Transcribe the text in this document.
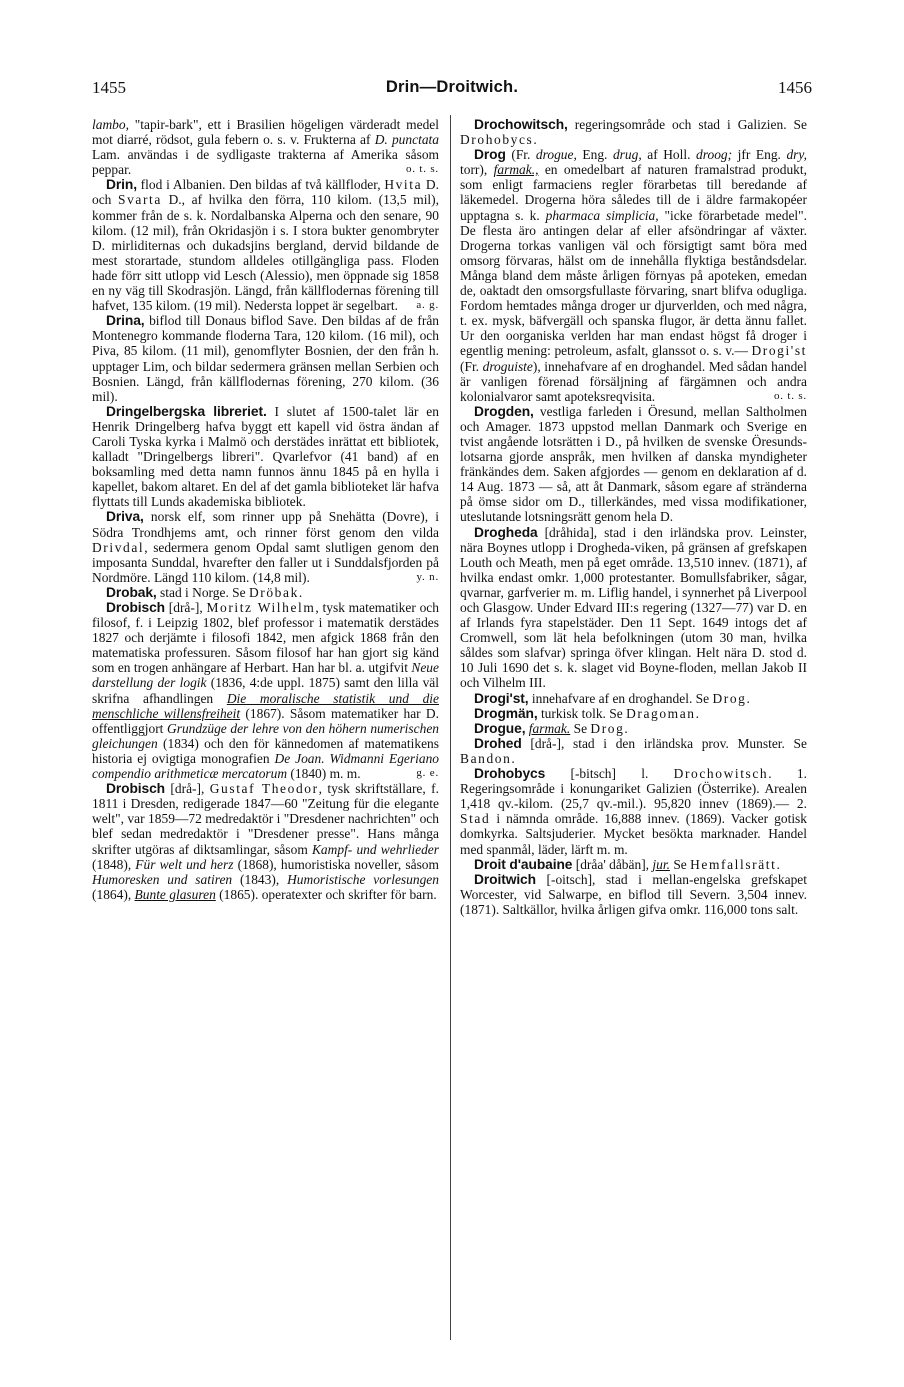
1455	Drin—Droitwich.	1456

lambo, "tapir-bark", ett i Brasilien högeligen värderadt medel mot diarré, rödsot, gula febern o. s. v. Frukterna af D. punctata Lam. användas i de sydligaste trakterna af Amerika såsom peppar.	o. t. s.

Drin, flod i Albanien. Den bildas af två källfloder, Hvita D. och Svarta D., af hvilka den förra, 110 kilom. (13,5 mil), kommer från de s. k. Nordalbanska Alperna och den senare, 90 kilom. (12 mil), från Okridasjön i s. I stora bukter genombryter D. mirliditernas och dukadsjins bergland, dervid bildande de mest storartade, stundom alldeles otillgängliga pass. Floden hade förr sitt utlopp vid Lesch (Alessio), men öppnade sig 1858 en ny väg till Skodrasjön. Längd, från källflodernas förening till hafvet, 135 kilom. (19 mil). Nedersta loppet är segelbart.	a. g.

Drina, biflod till Donaus biflod Save. Den bildas af de från Montenegro kommande floderna Tara, 120 kilom. (16 mil), och Piva, 85 kilom. (11 mil), genomflyter Bosnien, der den från h. upptager Lim, och bildar sedermera gränsen mellan Serbien och Bosnien. Längd, från källflodernas förening, 270 kilom. (36 mil).

Dringelbergska libreriet. I slutet af 1500-talet lär en Henrik Dringelberg hafva byggt ett kapell vid östra ändan af Caroli Tyska kyrka i Malmö och derstädes inrättat ett bibliotek, kalladt "Dringelbergs libreri". Qvarlefvor (41 band) af en boksamling med detta namn funnos ännu 1845 på en hylla i kapellet, bakom altaret. En del af det gamla biblioteket lär hafva flyttats till Lunds akademiska bibliotek.

Driva, norsk elf, som rinner upp på Snehätta (Dovre), i Södra Trondhjems amt, och rinner först genom den vilda Drivdal, sedermera genom Opdal samt slutligen genom den imposanta Sunddal, hvarefter den faller ut i Sunddalsfjorden på Nordmöre. Längd 110 kilom. (14,8 mil).	y. n.

Drobak, stad i Norge. Se Dröbak.

Drobisch [drå-], Moritz Wilhelm, tysk matematiker och filosof, f. i Leipzig 1802, blef professor i matematik derstädes 1827 och derjämte i filosofi 1842, men afgick 1868 från den matematiska professuren. Såsom filosof har han gjort sig känd som en trogen anhängare af Herbart. Han har bl. a. utgifvit Neue darstellung der logik (1836, 4:de uppl. 1875) samt den lilla väl skrifna afhandlingen Die moralische statistik und die menschliche willensfreiheit (1867). Såsom matematiker har D. offentliggjort Grundzüge der lehre von den höhern numerischen gleichungen (1834) och den för kännedomen af matematikens historia ej ovigtiga monografien De Joan. Widmanni Egeriano compendio arithmeticæ mercatorum (1840) m. m.	g. e.

Drobisch [drå-], Gustaf Theodor, tysk skriftställare, f. 1811 i Dresden, redigerade 1847—60 "Zeitung für die elegante welt", var 1859—72 medredaktör i "Dresdener nachrichten" och blef sedan medredaktör i "Dresdener presse". Hans många skrifter utgöras af diktsamlingar, såsom Kampf- und wehrlieder (1848), Für welt und herz (1868), humoristiska noveller, såsom Humoresken und satiren (1843), Humoristische vorlesungen (1864), Bunte glasuren (1865). operatexter och skrifter för barn.

Drochowitsch, regeringsområde och stad i Galizien. Se Drohobycs.

Drog (Fr. drogue, Eng. drug, af Holl. droog; jfr Eng. dry, torr), farmak., en omedelbart af naturen framalstrad produkt, som enligt farmaciens regler förarbetas till beredande af läkemedel. Drogerna höra således till de i äldre farmakopéer upptagna s. k. pharmaca simplicia, "icke förarbetade medel". De flesta äro antingen delar af eller afsöndringar af växter. Drogerna torkas vanligen väl och försigtigt samt böra med omsorg förvaras, hälst om de innehålla flyktiga beståndsdelar. Många bland dem måste årligen förnyas på apoteken, emedan de, oaktadt den omsorgsfullaste förvaring, snart blifva odugliga. Fordom hemtades många droger ur djurverlden, och med några, t. ex. mysk, bäfvergäll och spanska flugor, är detta ännu fallet. Ur den oorganiska verlden har man endast högst få droger i egentlig mening: petroleum, asfalt, glanssot o. s. v.— Drogi'st (Fr. droguiste), innehafvare af en droghandel. Med sådan handel är vanligen förenad försäljning af färgämnen och andra kolonialvaror samt apoteksreqvisita.	o. t. s.

Drogden, vestliga farleden i Öresund, mellan Saltholmen och Amager. 1873 uppstod mellan Danmark och Sverige en tvist angående lotsrätten i D., på hvilken de svenske Öresunds-lotsarna gjorde anspråk, men hvilken af danska myndigheter fränkändes dem. Saken afgjordes — genom en deklaration af d. 14 Aug. 1873 — så, att åt Danmark, såsom egare af stränderna på ömse sidor om D., tillerkändes, med vissa modifikationer, uteslutande lotsningsrätt genom hela D.

Drogheda [dråhida], stad i den irländska prov. Leinster, nära Boynes utlopp i Drogheda-viken, på gränsen af grefskapen Louth och Meath, men på eget område. 13,510 innev. (1871), af hvilka endast omkr. 1,000 protestanter. Bomullsfabriker, sågar, qvarnar, garfverier m. m. Liflig handel, i synnerhet på Liverpool och Glasgow. Under Edvard III:s regering (1327—77) var D. en af Irlands fyra stapelstäder. Den 11 Sept. 1649 intogs det af Cromwell, som lät hela befolkningen (utom 30 man, hvilka såldes som slafvar) springa öfver klingan. Helt nära D. stod d. 10 Juli 1690 det s. k. slaget vid Boyne-floden, mellan Jakob II och Vilhelm III.

Drogi'st, innehafvare af en droghandel. Se Drog.

Drogmän, turkisk tolk. Se Dragoman.

Drogue, farmak. Se Drog.

Drohed [drå-], stad i den irländska prov. Munster. Se Bandon.

Drohobycs [-bitsch] l. Drochowitsch. 1. Regeringsområde i konungariket Galizien (Österrike). Arealen 1,418 qv.-kilom. (25,7 qv.-mil.). 95,820 innev (1869).— 2. Stad i nämnda område. 16,888 innev. (1869). Vacker gotisk domkyrka. Saltsjuderier. Mycket besökta marknader. Handel med spanmål, läder, lärft m. m.

Droit d'aubaine [dråa' dåbän], jur. Se Hemfallsrätt.

Droitwich [-oitsch], stad i mellan-engelska grefskapet Worcester, vid Salwarpe, en biflod till Severn. 3,504 innev. (1871). Saltkällor, hvilka årligen gifva omkr. 116,000 tons salt.
